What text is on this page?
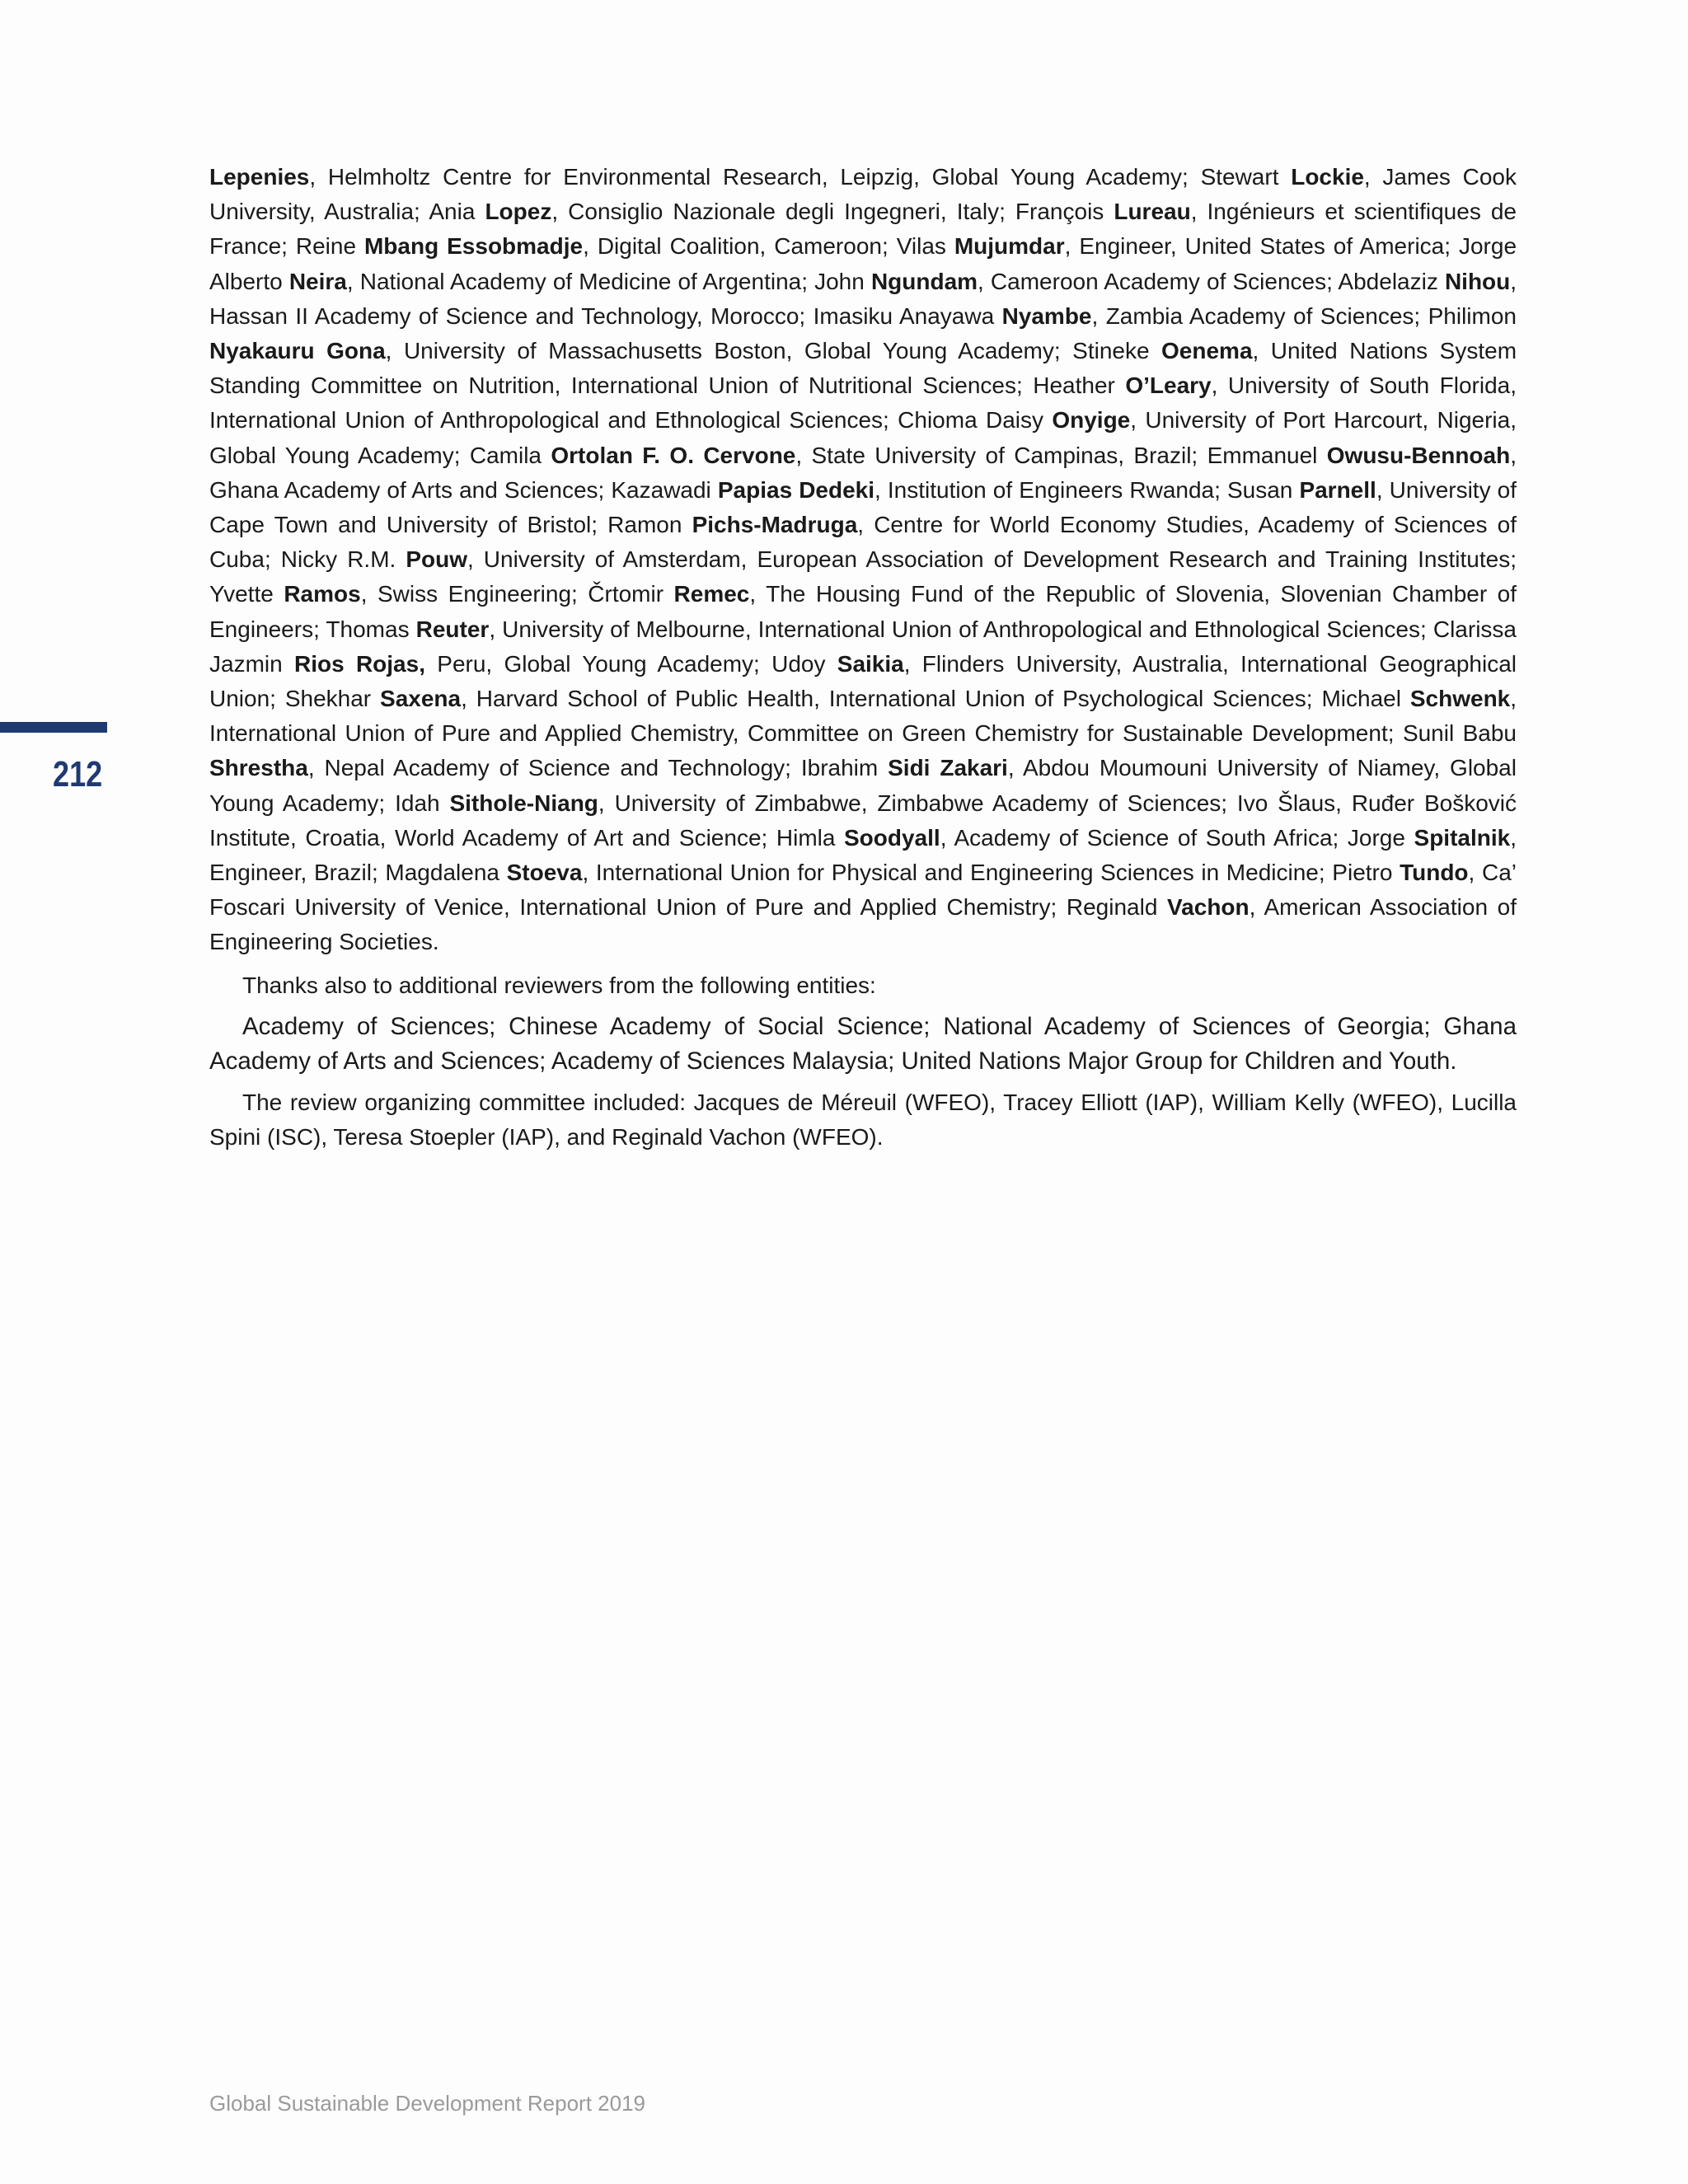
212

Lepenies, Helmholtz Centre for Environmental Research, Leipzig, Global Young Academy; Stewart Lockie, James Cook University, Australia; Ania Lopez, Consiglio Nazionale degli Ingegneri, Italy; François Lureau, Ingénieurs et scientifiques de France; Reine Mbang Essobmadje, Digital Coalition, Cameroon; Vilas Mujumdar, Engineer, United States of America; Jorge Alberto Neira, National Academy of Medicine of Argentina; John Ngundam, Cameroon Academy of Sciences; Abdelaziz Nihou, Hassan II Academy of Science and Technology, Morocco; Imasiku Anayawa Nyambe, Zambia Academy of Sciences; Philimon Nyakauru Gona, University of Massachusetts Boston, Global Young Academy; Stineke Oenema, United Nations System Standing Committee on Nutrition, International Union of Nutritional Sciences; Heather O’Leary, University of South Florida, International Union of Anthropological and Ethnological Sciences; Chioma Daisy Onyige, University of Port Harcourt, Nigeria, Global Young Academy; Camila Ortolan F. O. Cervone, State University of Campinas, Brazil; Emmanuel Owusu-Bennoah, Ghana Academy of Arts and Sciences; Kazawadi Papias Dedeki, Institution of Engineers Rwanda; Susan Parnell, University of Cape Town and University of Bristol; Ramon Pichs-Madruga, Centre for World Economy Studies, Academy of Sciences of Cuba; Nicky R.M. Pouw, University of Amsterdam, European Association of Development Research and Training Institutes; Yvette Ramos, Swiss Engineering; Črtomir Remec, The Housing Fund of the Republic of Slovenia, Slovenian Chamber of Engineers; Thomas Reuter, University of Melbourne, International Union of Anthropological and Ethnological Sciences; Clarissa Jazmin Rios Rojas, Peru, Global Young Academy; Udoy Saikia, Flinders University, Australia, International Geographical Union; Shekhar Saxena, Harvard School of Public Health, International Union of Psychological Sciences; Michael Schwenk, International Union of Pure and Applied Chemistry, Committee on Green Chemistry for Sustainable Development; Sunil Babu Shrestha, Nepal Academy of Science and Technology; Ibrahim Sidi Zakari, Abdou Moumouni University of Niamey, Global Young Academy; Idah Sithole-Niang, University of Zimbabwe, Zimbabwe Academy of Sciences; Ivo Šlaus, Ruđer Bošković Institute, Croatia, World Academy of Art and Science; Himla Soodyall, Academy of Science of South Africa; Jorge Spitalnik, Engineer, Brazil; Magdalena Stoeva, International Union for Physical and Engineering Sciences in Medicine; Pietro Tundo, Ca’ Foscari University of Venice, International Union of Pure and Applied Chemistry; Reginald Vachon, American Association of Engineering Societies.

Thanks also to additional reviewers from the following entities:

Academy of Sciences; Chinese Academy of Social Science; National Academy of Sciences of Georgia; Ghana Academy of Arts and Sciences; Academy of Sciences Malaysia; United Nations Major Group for Children and Youth.

The review organizing committee included: Jacques de Méreuil (WFEO), Tracey Elliott (IAP), William Kelly (WFEO), Lucilla Spini (ISC), Teresa Stoepler (IAP), and Reginald Vachon (WFEO).

Global Sustainable Development Report 2019
